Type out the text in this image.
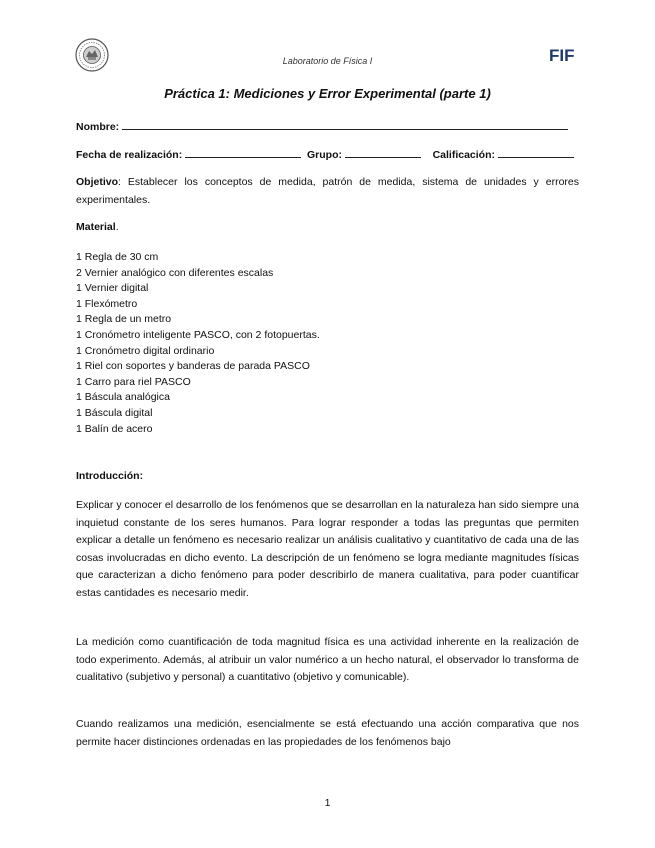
Laboratorio de Física I	FIF
Práctica 1: Mediciones y Error Experimental (parte 1)
Nombre:
Fecha de realización:	Grupo:	Calificación:
Objetivo: Establecer los conceptos de medida, patrón de medida, sistema de unidades y errores experimentales.
Material.
1 Regla de 30 cm
2 Vernier analógico con diferentes escalas
1 Vernier digital
1 Flexómetro
1 Regla de un metro
1 Cronómetro inteligente PASCO, con 2 fotopuertas.
1 Cronómetro digital ordinario
1 Riel con soportes y banderas de parada PASCO
1 Carro para riel PASCO
1 Báscula analógica
1 Báscula digital
1 Balín de acero
Introducción:
Explicar y conocer el desarrollo de los fenómenos que se desarrollan en la naturaleza han sido siempre una inquietud constante de los seres humanos. Para lograr responder a todas las preguntas que permiten explicar a detalle un fenómeno es necesario realizar un análisis cualitativo y cuantitativo de cada una de las cosas involucradas en dicho evento. La descripción de un fenómeno se logra mediante magnitudes físicas que caracterizan a dicho fenómeno para poder describirlo de manera cualitativa, para poder cuantificar estas cantidades es necesario medir.
La medición como cuantificación de toda magnitud física es una actividad inherente en la realización de todo experimento. Además, al atribuir un valor numérico a un hecho natural, el observador lo transforma de cualitativo (subjetivo y personal) a cuantitativo (objetivo y comunicable).
Cuando realizamos una medición, esencialmente se está efectuando una acción comparativa que nos permite hacer distinciones ordenadas en las propiedades de los fenómenos bajo
1
